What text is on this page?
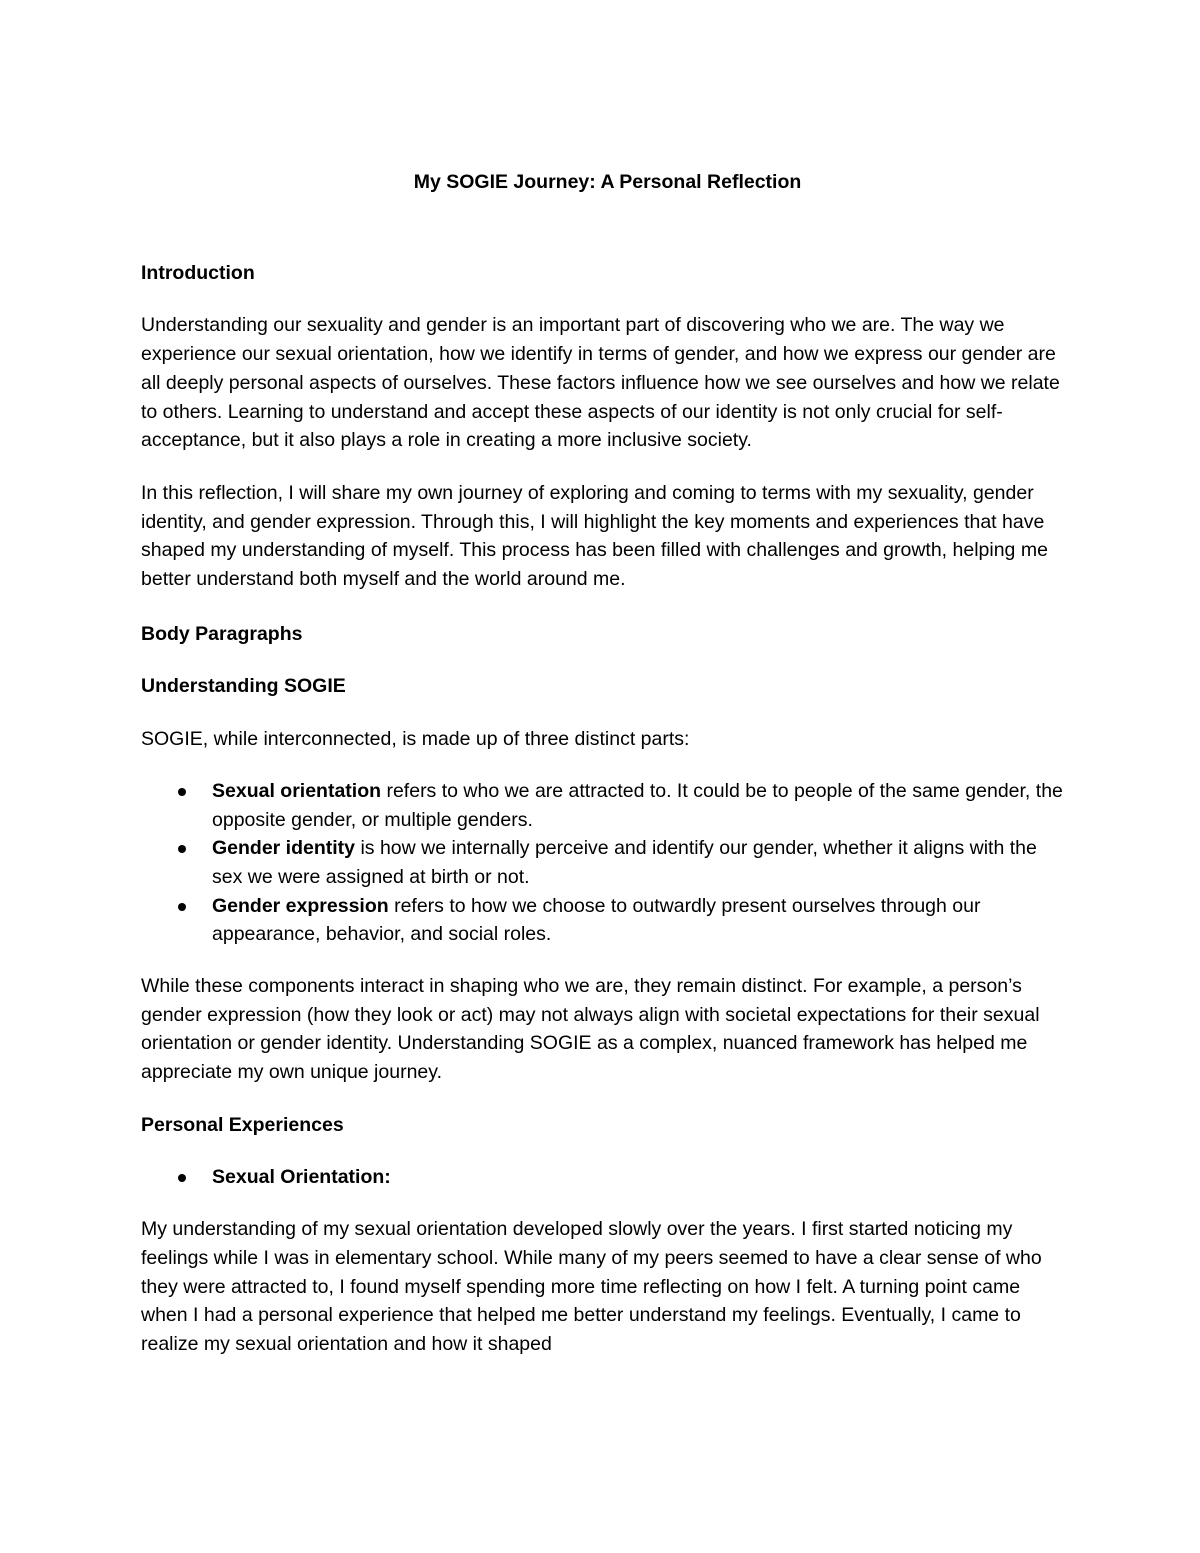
My SOGIE Journey: A Personal Reflection

Introduction

Understanding our sexuality and gender is an important part of discovering who we are. The way we experience our sexual orientation, how we identify in terms of gender, and how we express our gender are all deeply personal aspects of ourselves. These factors influence how we see ourselves and how we relate to others. Learning to understand and accept these aspects of our identity is not only crucial for self-acceptance, but it also plays a role in creating a more inclusive society.

In this reflection, I will share my own journey of exploring and coming to terms with my sexuality, gender identity, and gender expression. Through this, I will highlight the key moments and experiences that have shaped my understanding of myself. This process has been filled with challenges and growth, helping me better understand both myself and the world around me.

Body Paragraphs

Understanding SOGIE

SOGIE, while interconnected, is made up of three distinct parts:

Sexual orientation refers to who we are attracted to. It could be to people of the same gender, the opposite gender, or multiple genders.
Gender identity is how we internally perceive and identify our gender, whether it aligns with the sex we were assigned at birth or not.
Gender expression refers to how we choose to outwardly present ourselves through our appearance, behavior, and social roles.

While these components interact in shaping who we are, they remain distinct. For example, a person’s gender expression (how they look or act) may not always align with societal expectations for their sexual orientation or gender identity. Understanding SOGIE as a complex, nuanced framework has helped me appreciate my own unique journey.

Personal Experiences

Sexual Orientation:

My understanding of my sexual orientation developed slowly over the years. I first started noticing my feelings while I was in elementary school. While many of my peers seemed to have a clear sense of who they were attracted to, I found myself spending more time reflecting on how I felt. A turning point came when I had a personal experience that helped me better understand my feelings. Eventually, I came to realize my sexual orientation and how it shaped
